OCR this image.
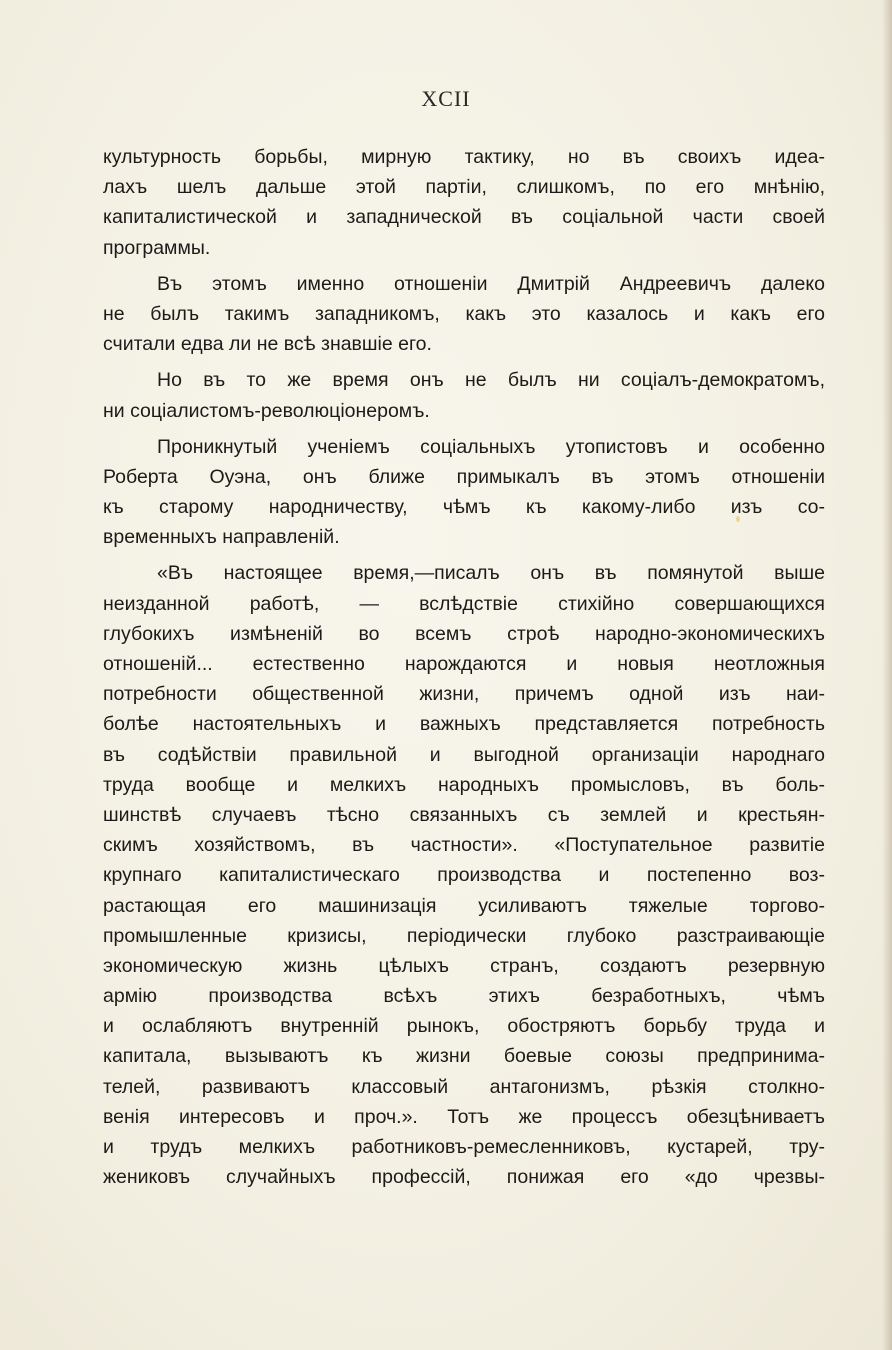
XCII
культурность борьбы, мирную тактику, но въ своихъ идеа-
лахъ шелъ дальше этой партіи, слишкомъ, по его мнѣнію,
капиталистической и западнической въ соціальной части своей
программы.
Въ этомъ именно отношеніи Дмитрій Андреевичъ далеко
не былъ такимъ западникомъ, какъ это казалось и какъ его
считали едва ли не всѣ знавшіе его.
Но въ то же время онъ не былъ ни соціалъ-демократомъ,
ни соціалистомъ-революціонеромъ.
Проникнутый ученіемъ соціальныхъ утопистовъ и особенно
Роберта Оуэна, онъ ближе примыкалъ въ этомъ отношеніи
къ старому народничеству, чѣмъ къ какому-либо изъ со-
временныхъ направленій.
«Въ настоящее время,—писалъ онъ въ помянутой выше
неизданной работѣ, — вслѣдствіе стихійно совершающихся
глубокихъ измѣненій во всемъ строѣ народно-экономическихъ
отношеній... естественно нарождаются и новыя неотложныя
потребности общественной жизни, причемъ одной изъ наи-
болѣе настоятельныхъ и важныхъ представляется потребность
въ содѣйствіи правильной и выгодной организаціи народнаго
труда вообще и мелкихъ народныхъ промысловъ, въ боль-
шинствѣ случаевъ тѣсно связанныхъ съ землей и крестьян-
скимъ хозяйствомъ, въ частности». «Поступательное развитіе
крупнаго капиталистическаго производства и постепенно воз-
растающая его машинизація усиливаютъ тяжелые торгово-
промышленные кризисы, періодически глубоко разстраивающіе
экономическую жизнь цѣлыхъ странъ, создаютъ резервную
армію производства всѣхъ этихъ безработныхъ, чѣмъ
и ослабляютъ внутренній рынокъ, обостряютъ борьбу труда и
капитала, вызываютъ къ жизни боевые союзы предпринима-
телей, развиваютъ классовый антагонизмъ, рѣзкія столкно-
венія интересовъ и проч.». Тотъ же процессъ обезцѣниваетъ
и трудъ мелкихъ работниковъ-ремесленниковъ, кустарей, тру-
жениковъ случайныхъ профессій, понижая его «до чрезвы-
